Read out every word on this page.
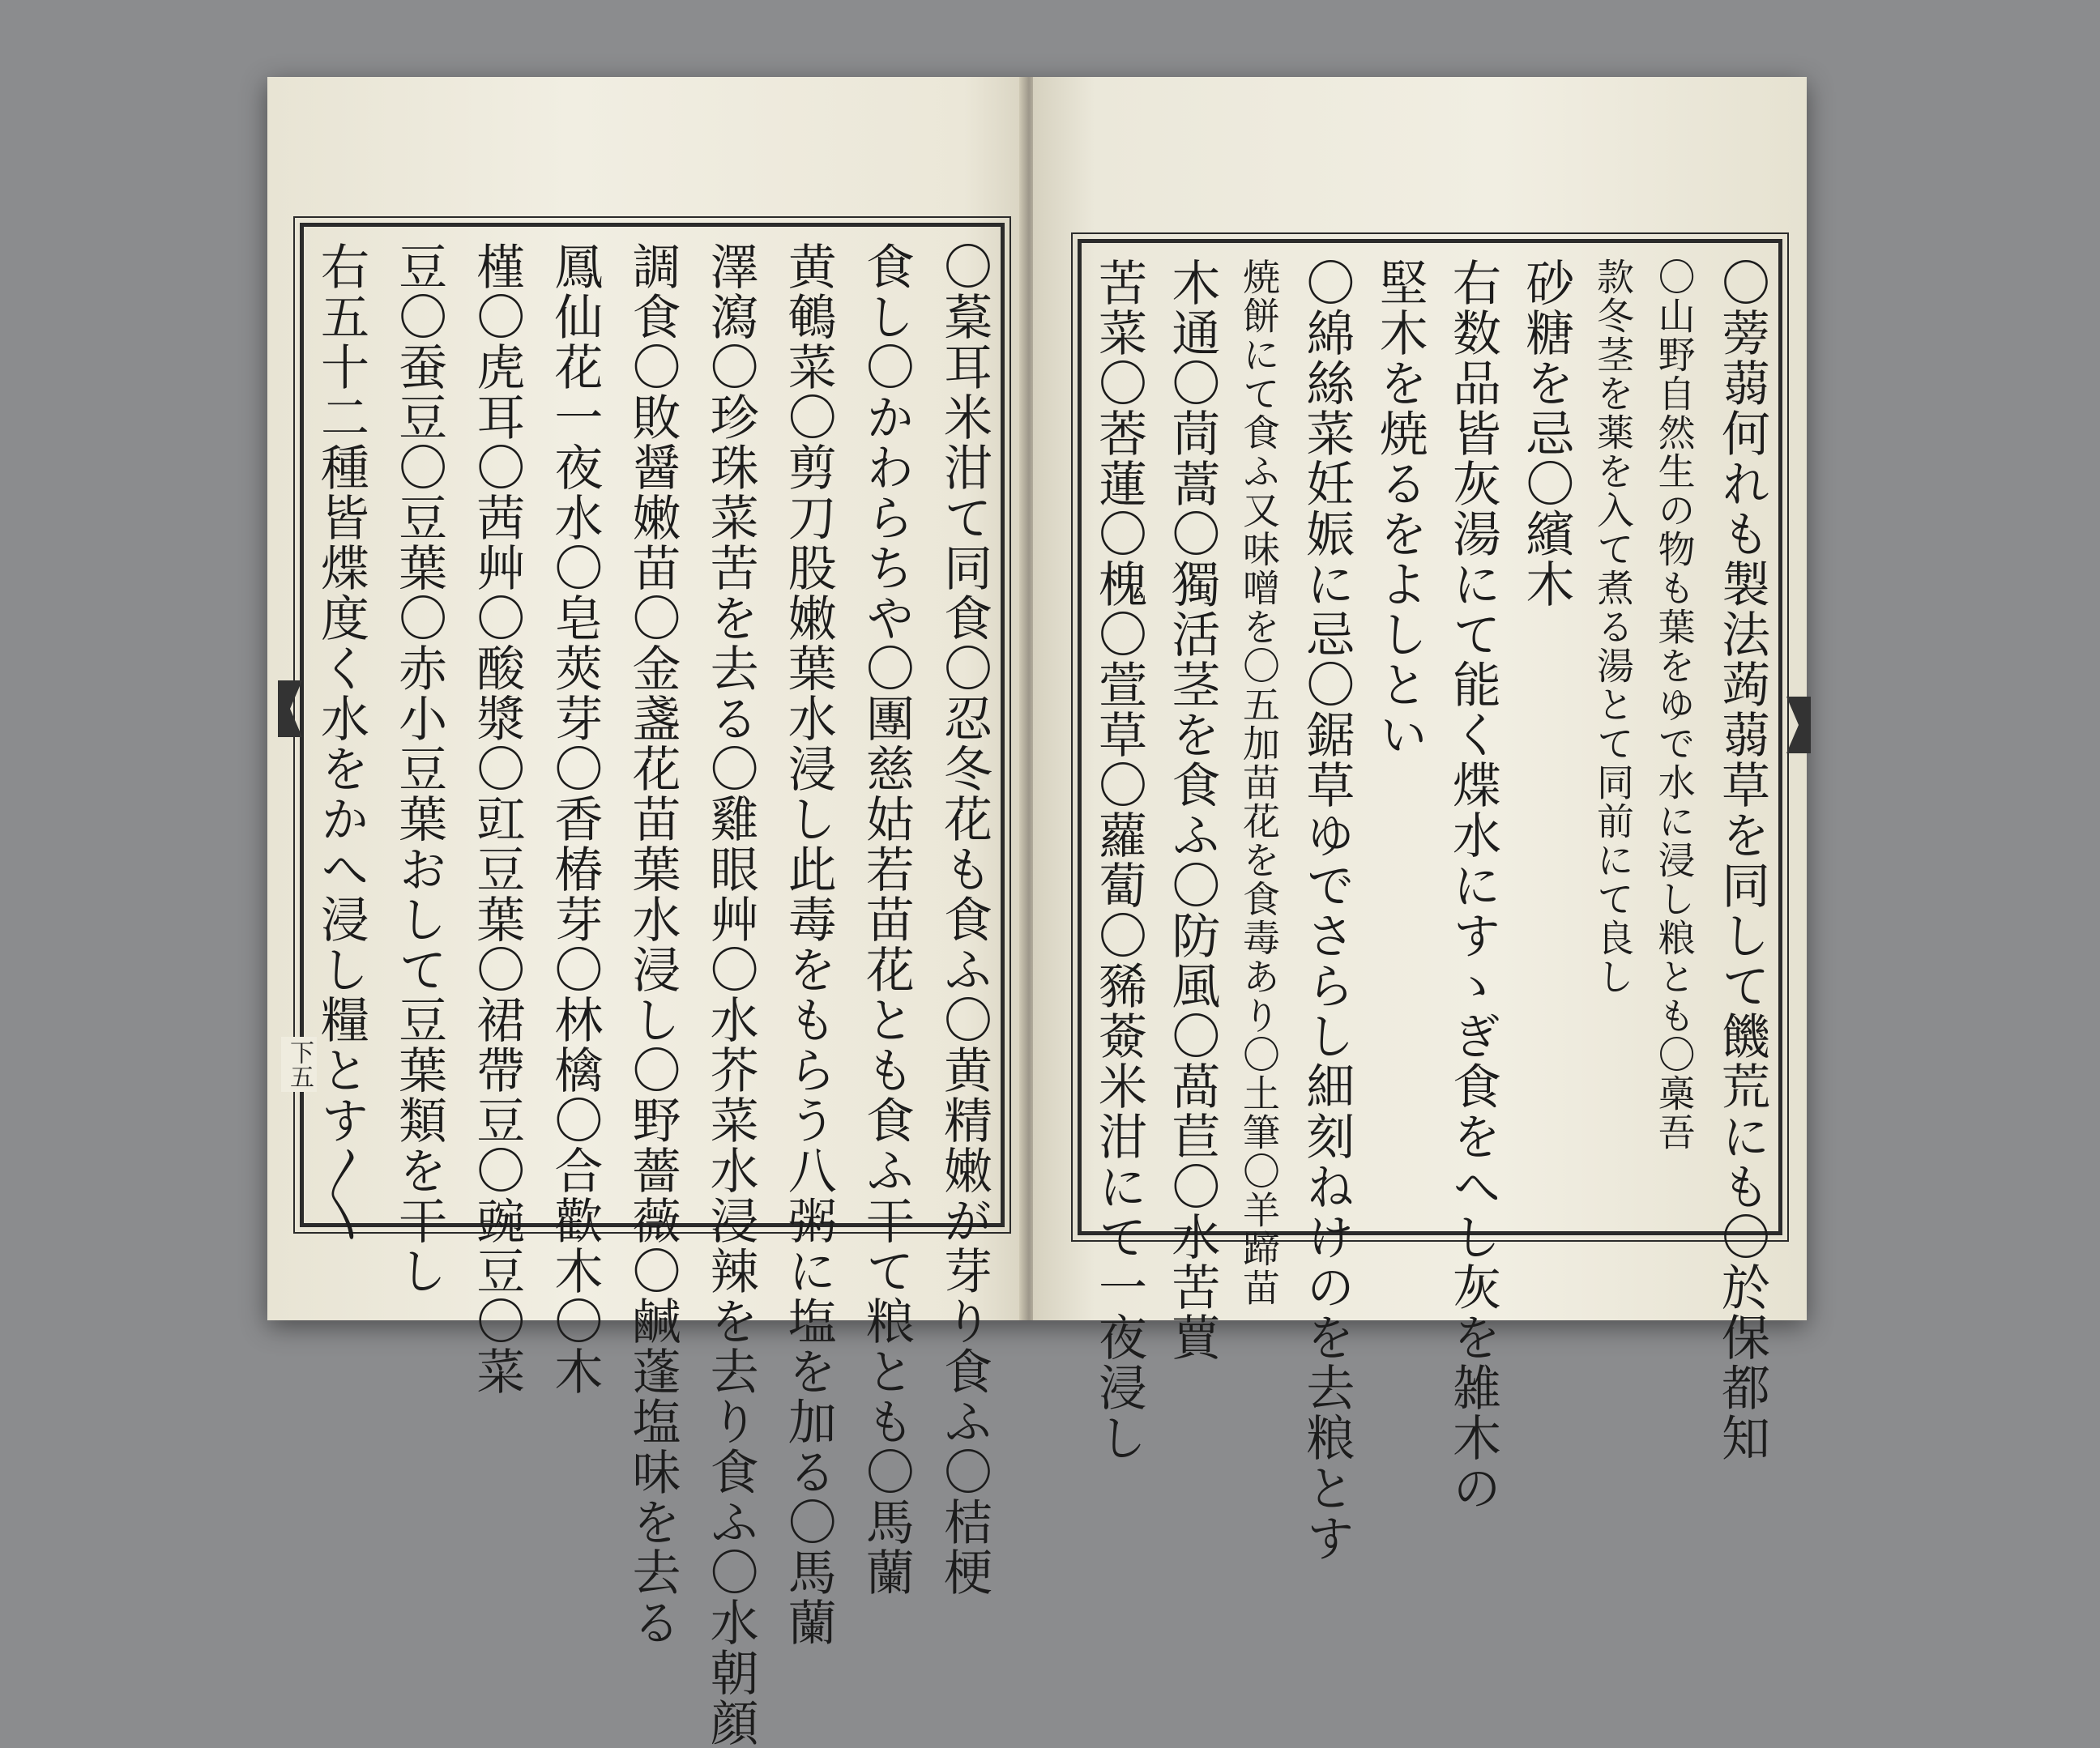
下五	〇葈耳米泔て同食〇忍冬花も食ふ〇黄精嫩が芽り食ふ〇桔梗
食し〇かわらちや〇團慈姑若苗花とも食ふ干て粮とも〇馬蘭
黄鵪菜〇剪刀股嫩葉水浸し此毒をもらう八粥に塩を加る〇馬蘭
澤瀉〇珍珠菜苦を去る〇雞眼艸〇水芥菜水浸辣を去り食ふ〇水朝顔
調食〇敗醤嫩苗〇金盞花苗葉水浸し〇野薔薇〇鹹蓬塩味を去る
鳳仙花一夜水〇皂莢芽〇香椿芽〇林檎〇合歡木〇木
槿〇虎耳〇茜艸〇酸漿〇豇豆葉〇裙帶豆〇豌豆〇菜
豆〇蚕豆〇豆葉〇赤小豆葉おして豆葉類を干し
右五十二種皆煠度く水をかへ浸し糧とす〳〵	〇蒡蒻何れも製法蒟蒻草を同して饑荒にも〇於保都知
〇山野自然生の物も葉をゆで水に浸し粮とも〇槀吾
款冬茎を薬を入て煮る湯とて同前にて良し
砂糖を忌〇繽木
右数品皆灰湯にて能く煠水にすゝぎ食をへし灰を雑木の
堅木を焼るをよしとい
〇綿絲菜妊娠に忌〇鋸草ゆでさらし細刻ねけのを去粮とす
焼餅にて食ふ又味噌を〇五加苗花を食毒あり〇土筆〇羊蹄苗
木通〇茼蒿〇獨活茎を食ふ〇防風〇萵苣〇水苦蕒
苦菜〇莕蓮〇槐〇萱草〇蘿蔔〇豨薟米泔にて一夜浸し
